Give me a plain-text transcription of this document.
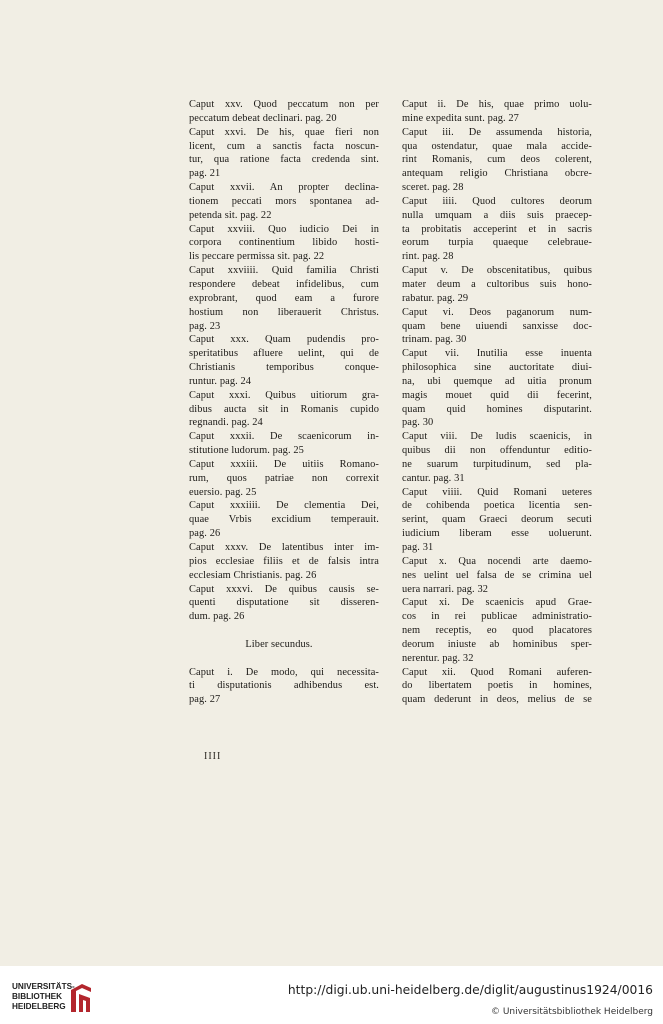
Caput xxv. Quod peccatum non per
peccatum debeat declinari. pag. 20
Caput xxvi. De his, quae fieri non
licent, cum a sanctis facta noscun-
tur, qua ratione facta credenda sint.
pag. 21
Caput xxvii. An propter declina-
tionem peccati mors spontanea ad-
petenda sit. pag. 22
Caput xxviii. Quo iudicio Dei in
corpora continentium libido hosti-
lis peccare permissa sit. pag. 22
Caput xxviiii. Quid familia Christi
respondere debeat infidelibus, cum
exprobrant, quod eam a furore
hostium non liberauerit Christus.
pag. 23
Caput xxx. Quam pudendis pro-
speritatibus afluere uelint, qui de
Christianis temporibus conque-
runtur. pag. 24
Caput xxxi. Quibus uitiorum gra-
dibus aucta sit in Romanis cupido
regnandi. pag. 24
Caput xxxii. De scaenicorum in-
stitutione ludorum. pag. 25
Caput xxxiii. De uitiis Romano-
rum, quos patriae non correxit
euersio. pag. 25
Caput xxxiiii. De clementia Dei,
quae Vrbis excidium temperauit.
pag. 26
Caput xxxv. De latentibus inter im-
pios ecclesiae filiis et de falsis intra
ecclesiam Christianis. pag. 26
Caput xxxvi. De quibus causis se-
quenti disputatione sit disseren-
dum. pag. 26
Liber secundus.
Caput i. De modo, qui necessita-
ti disputationis adhibendus est.
pag. 27
Caput ii. De his, quae primo uolu-
mine expedita sunt. pag. 27
Caput iii. De assumenda historia,
qua ostendatur, quae mala accide-
rint Romanis, cum deos colerent,
antequam religio Christiana obcre-
sceret. pag. 28
Caput iiii. Quod cultores deorum
nulla umquam a diis suis praecep-
ta probitatis acceperint et in sacris
eorum turpia quaeque celebraue-
rint. pag. 28
Caput v. De obscenitatibus, quibus
mater deum a cultoribus suis hono-
rabatur. pag. 29
Caput vi. Deos paganorum num-
quam bene uiuendi sanxisse doc-
trinam. pag. 30
Caput vii. Inutilia esse inuenta
philosophica sine auctoritate diui-
na, ubi quemque ad uitia pronum
magis mouet quid dii fecerint,
quam quid homines disputarint.
pag. 30
Caput viii. De ludis scaenicis, in
quibus dii non offenduntur editio-
ne suarum turpitudinum, sed pla-
cantur. pag. 31
Caput viiii. Quid Romani ueteres
de cohibenda poetica licentia sen-
serint, quam Graeci deorum secuti
iudicium liberam esse uoluerunt.
pag. 31
Caput x. Qua nocendi arte daemo-
nes uelint uel falsa de se crimina uel
uera narrari. pag. 32
Caput xi. De scaenicis apud Grae-
cos in rei publicae administratio-
nem receptis, eo quod placatores
deorum iniuste ab hominibus sper-
nerentur. pag. 32
Caput xii. Quod Romani auferen-
do libertatem poetis in homines,
quam dederunt in deos, melius de se
IIII
UNIVERSITÄTS-
BIBLIOTHEK
HEIDELBERG
http://digi.ub.uni-heidelberg.de/diglit/augustinus1924/0016
© Universitätsbibliothek Heidelberg
